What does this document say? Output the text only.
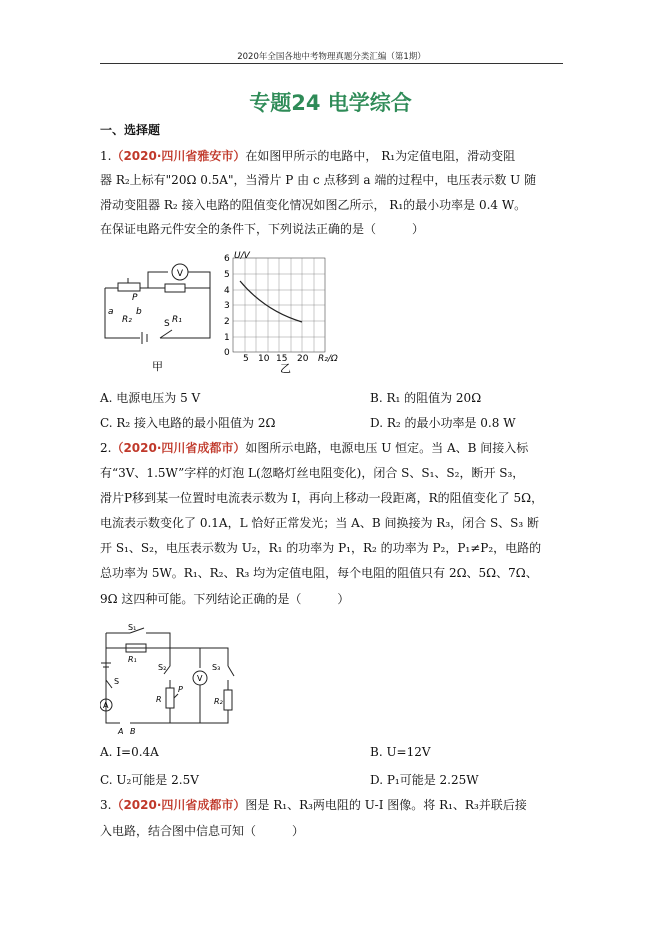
2020年全国各地中考物理真题分类汇编（第1期）
专题24 电学综合
一、选择题
1.（2020·四川省雅安市）在如图甲所示的电路中， R₁为定值电阻，滑动变阻
器 R₂上标有"20Ω 0.5A"，当滑片 P 由 c 点移到 a 端的过程中，电压表示数 U 随
滑动变阻器 R₂ 接入电路的阻值变化情况如图乙所示， R₁的最小功率是 0.4 W。
在保证电路元件安全的条件下，下列说法正确的是（　　　）
V
a b
P
R₂	R₁
S
甲
U/V
6
5
4
3
2
1
0
5 10 15 20 R₂/Ω
乙
A. 电源电压为 5 V	B. R₁ 的阻值为 20Ω
C. R₂ 接入电路的最小阻值为 2Ω	D. R₂ 的最小功率是 0.8 W
2.（2020·四川省成都市）如图所示电路，电源电压 U 恒定。当 A、B 间接入标
有“3V、1.5W”字样的灯泡 L(忽略灯丝电阻变化)，闭合 S、S₁、S₂，断开 S₃，
滑片P移到某一位置时电流表示数为 I，再向上移动一段距离，R的阻值变化了 5Ω，
电流表示数变化了 0.1A，L 恰好正常发光；当 A、B 间换接为 R₃，闭合 S、S₃ 断
开 S₁、S₂，电压表示数为 U₂，R₁ 的功率为 P₁，R₂ 的功率为 P₂，P₁≠P₂，电路的
总功率为 5W。R₁、R₂、R₃ 均为定值电阻，每个电阻的阻值只有 2Ω、5Ω、7Ω、
9Ω 这四种可能。下列结论正确的是（　　　）
S₁
R₁
S₂	S₃
S
R
P
R₂
V
A
A B
A. I=0.4A	B. U=12V
C. U₂可能是 2.5V	D. P₁可能是 2.25W
3.（2020·四川省成都市）图是 R₁、R₃两电阻的 U-I 图像。将 R₁、R₃并联后接
入电路，结合图中信息可知（　　　）
